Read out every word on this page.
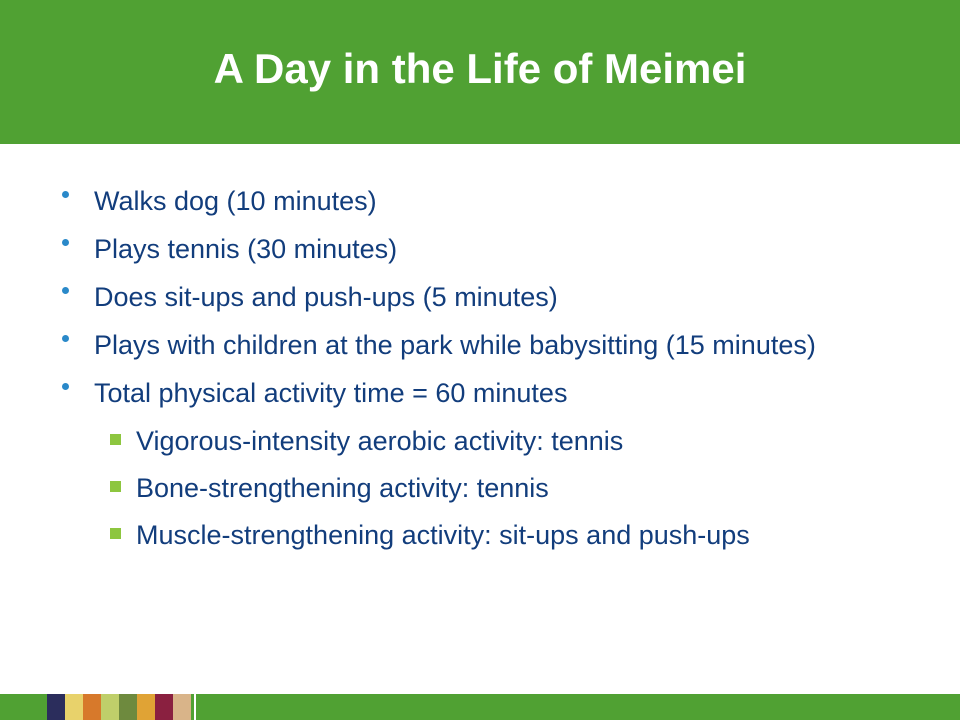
A Day in the Life of Meimei
Walks dog (10 minutes)
Plays tennis (30 minutes)
Does sit-ups and push-ups (5 minutes)
Plays with children at the park while babysitting (15 minutes)
Total physical activity time = 60 minutes
Vigorous-intensity aerobic activity: tennis
Bone-strengthening activity: tennis
Muscle-strengthening activity: sit-ups and push-ups
